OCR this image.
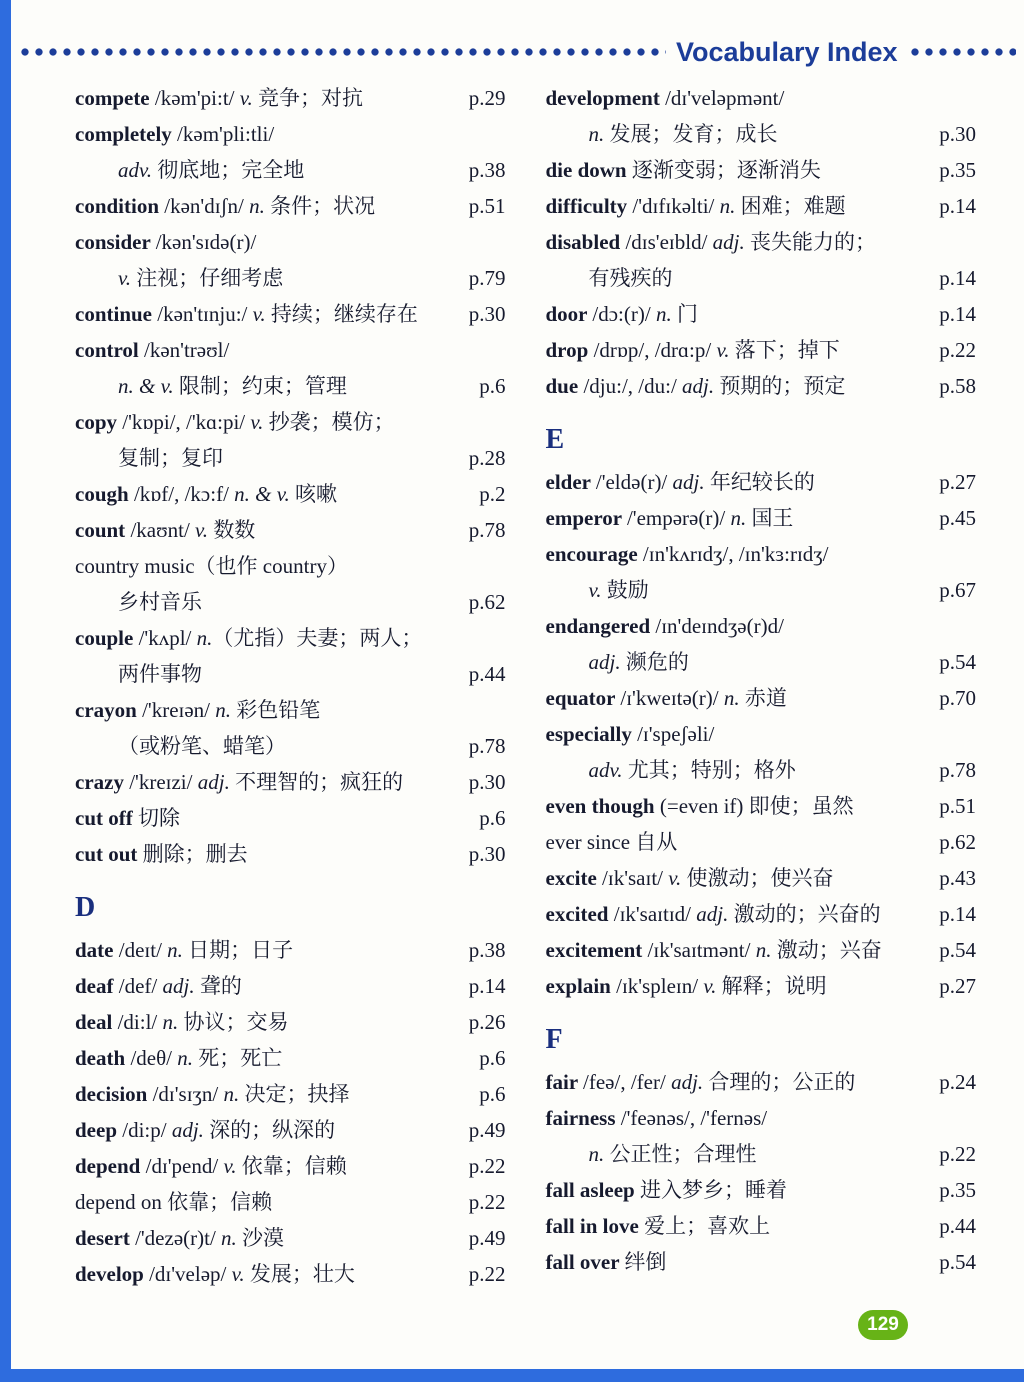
Vocabulary Index
compete /kəm'pi:t/ v. 竞争；对抗	p.29
completely /kəm'pli:tli/
adv. 彻底地；完全地	p.38
condition /kən'dɪʃn/ n. 条件；状况	p.51
consider /kən'sɪdə(r)/
v. 注视；仔细考虑	p.79
continue /kən'tɪnju:/ v. 持续；继续存在	p.30
control /kən'trəʊl/
n. & v. 限制；约束；管理	p.6
copy /'kɒpi/, /'kɑ:pi/ v. 抄袭；模仿；
复制；复印	p.28
cough /kɒf/, /kɔ:f/ n. & v. 咳嗽	p.2
count /kaʊnt/ v. 数数	p.78
country music（也作 country）
乡村音乐	p.62
couple /'kʌpl/ n.（尤指）夫妻；两人；
两件事物	p.44
crayon /'kreɪən/ n. 彩色铅笔
（或粉笔、蜡笔）	p.78
crazy /'kreɪzi/ adj. 不理智的；疯狂的	p.30
cut off 切除	p.6
cut out 删除；删去	p.30
D
date /deɪt/ n. 日期；日子	p.38
deaf /def/ adj. 聋的	p.14
deal /di:l/ n. 协议；交易	p.26
death /deθ/ n. 死；死亡	p.6
decision /dɪ'sɪʒn/ n. 决定；抉择	p.6
deep /di:p/ adj. 深的；纵深的	p.49
depend /dɪ'pend/ v. 依靠；信赖	p.22
depend on 依靠；信赖	p.22
desert /'dezə(r)t/ n. 沙漠	p.49
develop /dɪ'veləp/ v. 发展；壮大	p.22
development /dɪ'veləpmənt/
n. 发展；发育；成长	p.30
die down 逐渐变弱；逐渐消失	p.35
difficulty /'dɪfɪkəlti/ n. 困难；难题	p.14
disabled /dɪs'eɪbld/ adj. 丧失能力的；
有残疾的	p.14
door /dɔ:(r)/ n. 门	p.14
drop /drɒp/, /drɑ:p/ v. 落下；掉下	p.22
due /dju:/, /du:/ adj. 预期的；预定	p.58
E
elder /'eldə(r)/ adj. 年纪较长的	p.27
emperor /'empərə(r)/ n. 国王	p.45
encourage /ɪn'kʌrɪdʒ/, /ɪn'kɜ:rɪdʒ/
v. 鼓励	p.67
endangered /ɪn'deɪndʒə(r)d/
adj. 濒危的	p.54
equator /ɪ'kweɪtə(r)/ n. 赤道	p.70
especially /ɪ'speʃəli/
adv. 尤其；特别；格外	p.78
even though (=even if) 即使；虽然	p.51
ever since 自从	p.62
excite /ɪk'saɪt/ v. 使激动；使兴奋	p.43
excited /ɪk'saɪtɪd/ adj. 激动的；兴奋的	p.14
excitement /ɪk'saɪtmənt/ n. 激动；兴奋	p.54
explain /ɪk'spleɪn/ v. 解释；说明	p.27
F
fair /feə/, /fer/ adj. 合理的；公正的	p.24
fairness /'feənəs/, /'fernəs/
n. 公正性；合理性	p.22
fall asleep 进入梦乡；睡着	p.35
fall in love 爱上；喜欢上	p.44
fall over 绊倒	p.54
129
